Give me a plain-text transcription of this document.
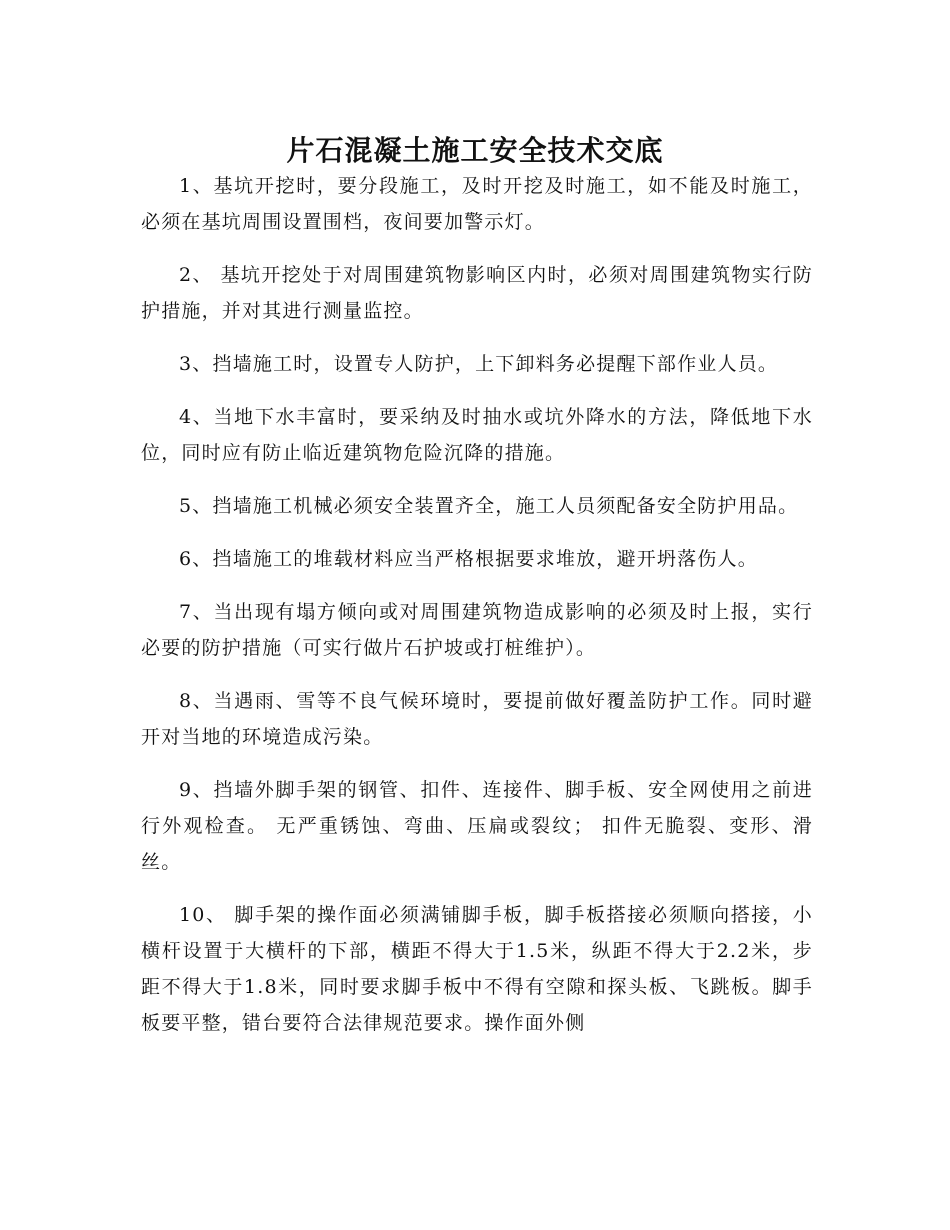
片石混凝土施工安全技术交底

1、基坑开挖时，要分段施工，及时开挖及时施工，如不能及时施工，必须在基坑周围设置围档，夜间要加警示灯。

2、 基坑开挖处于对周围建筑物影响区内时，必须对周围建筑物实行防护措施，并对其进行测量监控。

3、挡墙施工时，设置专人防护，上下卸料务必提醒下部作业人员。

4、当地下水丰富时，要采纳及时抽水或坑外降水的方法，降低地下水位，同时应有防止临近建筑物危险沉降的措施。

5、挡墙施工机械必须安全装置齐全，施工人员须配备安全防护用品。

6、挡墙施工的堆载材料应当严格根据要求堆放，避开坍落伤人。

7、当出现有塌方倾向或对周围建筑物造成影响的必须及时上报，实行必要的防护措施（可实行做片石护坡或打桩维护）。

8、当遇雨、雪等不良气候环境时，要提前做好覆盖防护工作。同时避开对当地的环境造成污染。

9、挡墙外脚手架的钢管、扣件、连接件、脚手板、安全网使用之前进行外观检查。 无严重锈蚀、弯曲、压扁或裂纹； 扣件无脆裂、变形、滑丝。

10、 脚手架的操作面必须满铺脚手板，脚手板搭接必须顺向搭接，小横杆设置于大横杆的下部，横距不得大于1.5米，纵距不得大于2.2米，步距不得大于1.8米，同时要求脚手板中不得有空隙和探头板、飞跳板。脚手板要平整，错台要符合法律规范要求。操作面外侧
